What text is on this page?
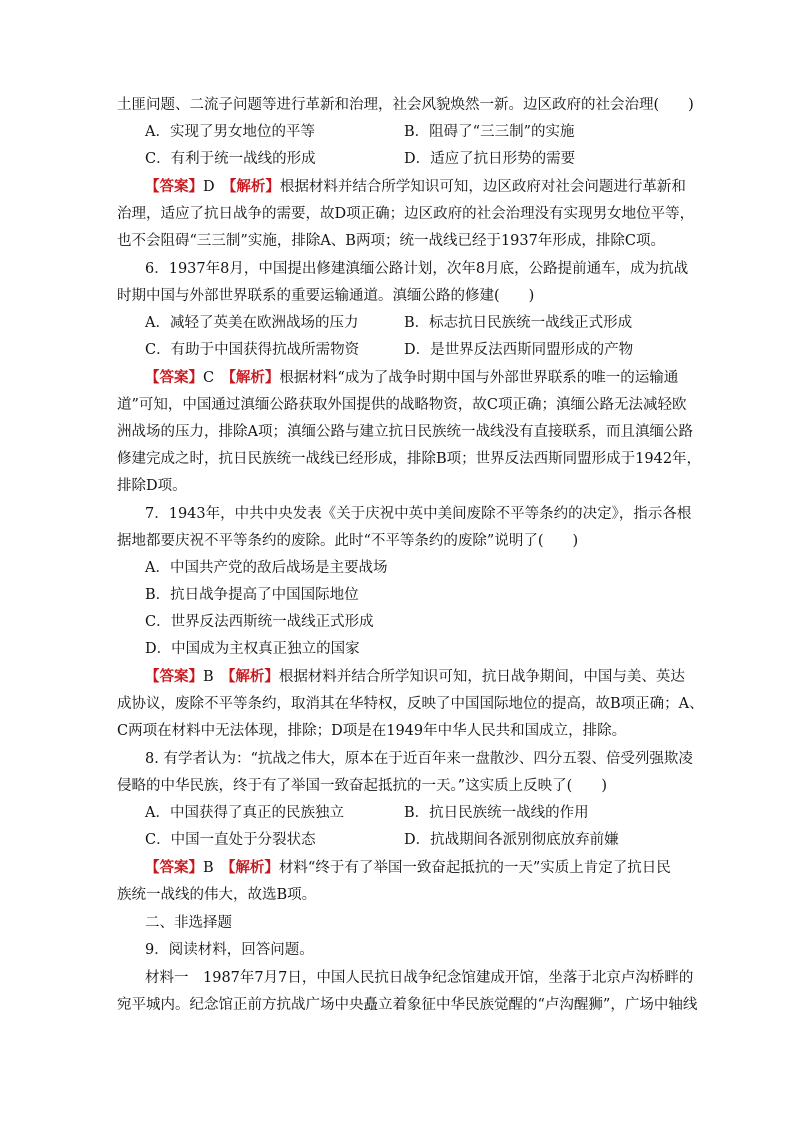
土匪问题、二流子问题等进行革新和治理，社会风貌焕然一新。边区政府的社会治理(　　)
A．实现了男女地位的平等	B．阻碍了“三三制”的实施
C．有利于统一战线的形成	D．适应了抗日形势的需要
【答案】D　 【解析】根据材料并结合所学知识可知，边区政府对社会问题进行革新和
治理，适应了抗日战争的需要，故D项正确；边区政府的社会治理没有实现男女地位平等，
也不会阻碍“三三制”实施，排除A、B两项；统一战线已经于1937年形成，排除C项。
6．1937年8月，中国提出修建滇缅公路计划，次年8月底，公路提前通车，成为抗战
时期中国与外部世界联系的重要运输通道。滇缅公路的修建(　　)
A．减轻了英美在欧洲战场的压力	B．标志抗日民族统一战线正式形成
C．有助于中国获得抗战所需物资	D．是世界反法西斯同盟形成的产物
【答案】C　 【解析】根据材料“成为了战争时期中国与外部世界联系的唯一的运输通
道”可知，中国通过滇缅公路获取外国提供的战略物资，故C项正确；滇缅公路无法减轻欧
洲战场的压力，排除A项；滇缅公路与建立抗日民族统一战线没有直接联系，而且滇缅公路
修建完成之时，抗日民族统一战线已经形成，排除B项；世界反法西斯同盟形成于1942年，
排除D项。
7．1943年，中共中央发表《关于庆祝中英中美间废除不平等条约的决定》，指示各根
据地都要庆祝不平等条约的废除。此时“不平等条约的废除”说明了(　　)
A．中国共产党的敌后战场是主要战场
B．抗日战争提高了中国国际地位
C．世界反法西斯统一战线正式形成
D．中国成为主权真正独立的国家
【答案】B　 【解析】根据材料并结合所学知识可知，抗日战争期间，中国与美、英达
成协议，废除不平等条约，取消其在华特权，反映了中国国际地位的提高，故B项正确；A、
C两项在材料中无法体现，排除；D项是在1949年中华人民共和国成立，排除。
8. 有学者认为：“抗战之伟大，原本在于近百年来一盘散沙、四分五裂、倍受列强欺凌
侵略的中华民族，终于有了举国一致奋起抵抗的一天。”这实质上反映了(　　)
A．中国获得了真正的民族独立	B．抗日民族统一战线的作用
C．中国一直处于分裂状态	D．抗战期间各派别彻底放弃前嫌
【答案】B　 【解析】材料“终于有了举国一致奋起抵抗的一天”实质上肯定了抗日民
族统一战线的伟大，故选B项。
二、非选择题
9．阅读材料，回答问题。
材料一　1987年7月7日，中国人民抗日战争纪念馆建成开馆，坐落于北京卢沟桥畔的
宛平城内。纪念馆正前方抗战广场中央矗立着象征中华民族觉醒的“卢沟醒狮”，广场中轴线
